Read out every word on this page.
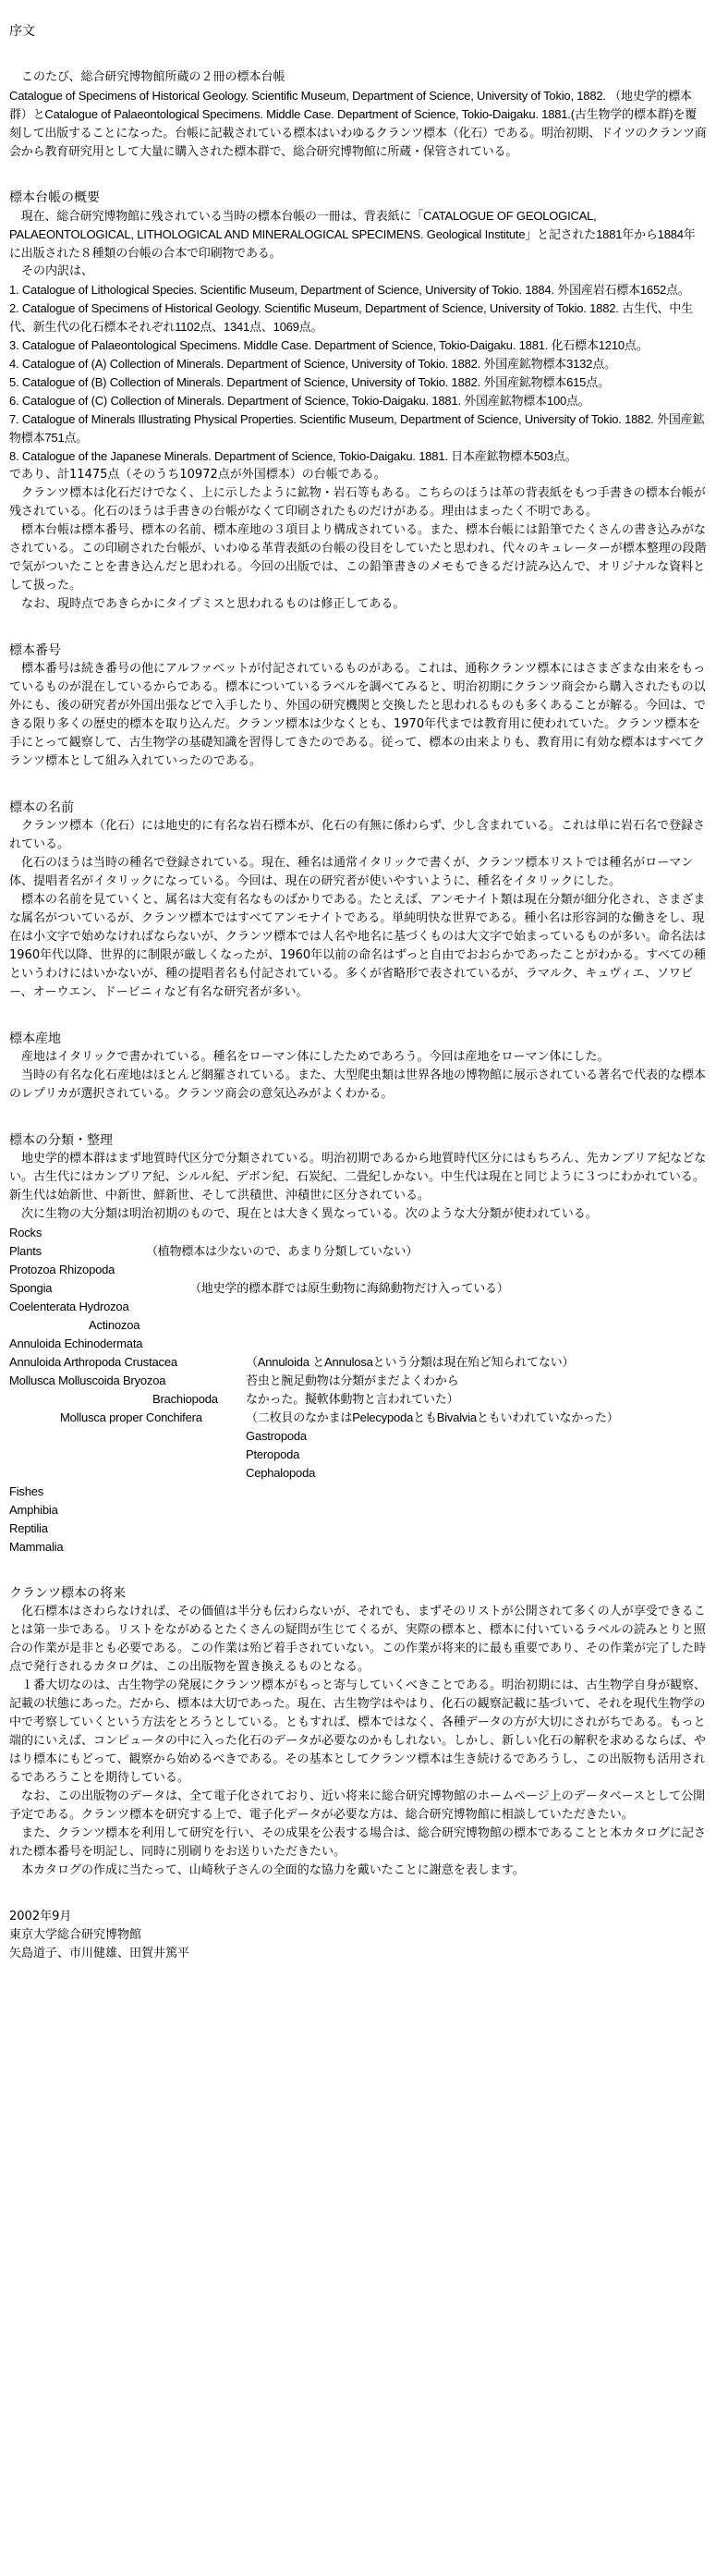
序文

　このたび、総合研究博物館所蔵の２冊の標本台帳

Catalogue of Specimens of Historical Geology. Scientific Museum, Department of Science, University of Tokio, 1882. （地史学的標本群）とCatalogue of Palaeontological Specimens. Middle Case. Department of Science, Tokio-Daigaku. 1881.(古生物学的標本群)を覆刻して出版することになった。台帳に記載されている標本はいわゆるクランツ標本（化石）である。明治初期、ドイツのクランツ商会から教育研究用として大量に購入された標本群で、総合研究博物館に所蔵・保管されている。

標本台帳の概要

　現在、総合研究博物館に残されている当時の標本台帳の一冊は、背表紙に「CATALOGUE OF GEOLOGICAL, PALAEONTOLOGICAL, LITHOLOGICAL AND MINERALOGICAL SPECIMENS. Geological Institute」と記された1881年から1884年に出版された８種類の台帳の合本で印刷物である。

　その内訳は、

1. Catalogue of Lithological Species. Scientific Museum, Department of Science, University of Tokio. 1884. 外国産岩石標本1652点。

2. Catalogue of Specimens of Historical Geology. Scientific Museum, Department of Science, University of Tokio. 1882. 古生代、中生代、新生代の化石標本それぞれ1102点、1341点、1069点。

3. Catalogue of Palaeontological Specimens. Middle Case. Department of Science, Tokio-Daigaku. 1881. 化石標本1210点。

4. Catalogue of (A) Collection of Minerals. Department of Science, University of Tokio. 1882. 外国産鉱物標本3132点。

5. Catalogue of (B) Collection of Minerals. Department of Science, University of Tokio. 1882. 外国産鉱物標本615点。

6. Catalogue of (C) Collection of Minerals. Department of Science, Tokio-Daigaku. 1881. 外国産鉱物標本100点。

7. Catalogue of Minerals Illustrating Physical Properties. Scientific Museum, Department of Science, University of Tokio. 1882. 外国産鉱物標本751点。

8. Catalogue of the Japanese Minerals. Department of Science, Tokio-Daigaku. 1881. 日本産鉱物標本503点。

であり、計11475点（そのうち10972点が外国標本）の台帳である。

　クランツ標本は化石だけでなく、上に示したように鉱物・岩石等もある。こちらのほうは革の背表紙をもつ手書きの標本台帳が残されている。化石のほうは手書きの台帳がなくて印刷されたものだけがある。理由はまったく不明である。

　標本台帳は標本番号、標本の名前、標本産地の３項目より構成されている。また、標本台帳には鉛筆でたくさんの書き込みがなされている。この印刷された台帳が、いわゆる革背表紙の台帳の役目をしていたと思われ、代々のキュレーターが標本整理の段階で気がついたことを書き込んだと思われる。今回の出版では、この鉛筆書きのメモもできるだけ読み込んで、オリジナルな資料として扱った。

　なお、現時点であきらかにタイプミスと思われるものは修正してある。

標本番号

　標本番号は続き番号の他にアルファベットが付記されているものがある。これは、通称クランツ標本にはさまざまな由来をもっているものが混在しているからである。標本についているラベルを調べてみると、明治初期にクランツ商会から購入されたもの以外にも、後の研究者が外国出張などで入手したり、外国の研究機関と交換したと思われるものも多くあることが解る。今回は、できる限り多くの歴史的標本を取り込んだ。クランツ標本は少なくとも、1970年代までは教育用に使われていた。クランツ標本を手にとって観察して、古生物学の基礎知識を習得してきたのである。従って、標本の由来よりも、教育用に有効な標本はすべてクランツ標本として組み入れていったのである。

標本の名前

　クランツ標本（化石）には地史的に有名な岩石標本が、化石の有無に係わらず、少し含まれている。これは単に岩石名で登録されている。

　化石のほうは当時の種名で登録されている。現在、種名は通常イタリックで書くが、クランツ標本リストでは種名がローマン体、提唱者名がイタリックになっている。今回は、現在の研究者が使いやすいように、種名をイタリックにした。

　標本の名前を見ていくと、属名は大変有名なものばかりである。たとえば、アンモナイト類は現在分類が細分化され、さまざまな属名がついているが、クランツ標本ではすべてアンモナイトである。単純明快な世界である。種小名は形容詞的な働きをし、現在は小文字で始めなければならないが、クランツ標本では人名や地名に基づくものは大文字で始まっているものが多い。命名法は1960年代以降、世界的に制限が厳しくなったが、1960年以前の命名はずっと自由でおおらかであったことがわかる。すべての種というわけにはいかないが、種の提唱者名も付記されている。多くが省略形で表されているが、ラマルク、キュヴィエ、ソワビー、オーウエン、ドービニィなど有名な研究者が多い。

標本産地

　産地はイタリックで書かれている。種名をローマン体にしたためであろう。今回は産地をローマン体にした。

　当時の有名な化石産地はほとんど網羅されている。また、大型爬虫類は世界各地の博物館に展示されている著名で代表的な標本のレプリカが選択されている。クランツ商会の意気込みがよくわかる。

標本の分類・整理

　地史学的標本群はまず地質時代区分で分類されている。明治初期であるから地質時代区分にはもちろん、先カンブリア紀などない。古生代にはカンブリア紀、シルル紀、デボン紀、石炭紀、二畳紀しかない。中生代は現在と同じように３つにわかれている。新生代は始新世、中新世、鮮新世、そして洪積世、沖積世に区分されている。

　次に生物の大分類は明治初期のもので、現在とは大きく異なっている。次のような大分類が使われている。

Rocks
Plants	（植物標本は少ないので、あまり分類していない）
Protozoa Rhizopoda
Spongia	（地史学的標本群では原生動物に海綿動物だけ入っている）
Coelenterata Hydrozoa
Actinozoa
Annuloida Echinodermata
Annuloida Arthropoda Crustacea	（Annuloida とAnnulosaという分類は現在殆ど知られてない）
Mollusca Molluscoida Bryozoa	苔虫と腕足動物は分類がまだよくわから
Brachiopoda なかった。擬軟体動物と言われていた）
Mollusca proper Conchifera	（二枚貝のなかまはPelecypodaともBivalviaともいわれていなかった）
Gastropoda
Pteropoda
Cephalopoda
Fishes
Amphibia
Reptilia
Mammalia

クランツ標本の将来

　化石標本はさわらなければ、その価値は半分も伝わらないが、それでも、まずそのリストが公開されて多くの人が享受できることは第一歩である。リストをながめるとたくさんの疑問が生じてくるが、実際の標本と、標本に付いているラベルの読みとりと照合の作業が是非とも必要である。この作業は殆ど着手されていない。この作業が将来的に最も重要であり、その作業が完了した時点で発行されるカタログは、この出版物を置き換えるものとなる。

　１番大切なのは、古生物学の発展にクランツ標本がもっと寄与していくべきことである。明治初期には、古生物学自身が観察、記載の状態にあった。だから、標本は大切であった。現在、古生物学はやはり、化石の観察記載に基づいて、それを現代生物学の中で考察していくという方法をとろうとしている。ともすれば、標本ではなく、各種データの方が大切にされがちである。もっと端的にいえば、コンピュータの中に入った化石のデータが必要なのかもしれない。しかし、新しい化石の解釈を求めるならば、やはり標本にもどって、観察から始めるべきである。その基本としてクランツ標本は生き続けるであろうし、この出版物も活用されるであろうことを期待している。

　なお、この出版物のデータは、全て電子化されており、近い将来に総合研究博物館のホームページ上のデータベースとして公開予定である。クランツ標本を研究する上で、電子化データが必要な方は、総合研究博物館に相談していただきたい。

　また、クランツ標本を利用して研究を行い、その成果を公表する場合は、総合研究博物館の標本であることと本カタログに記された標本番号を明記し、同時に別刷りをお送りいただきたい。

　本カタログの作成に当たって、山崎秋子さんの全面的な協力を戴いたことに謝意を表します。

2002年9月

東京大学総合研究博物館

矢島道子、市川健雄、田賀井篤平
